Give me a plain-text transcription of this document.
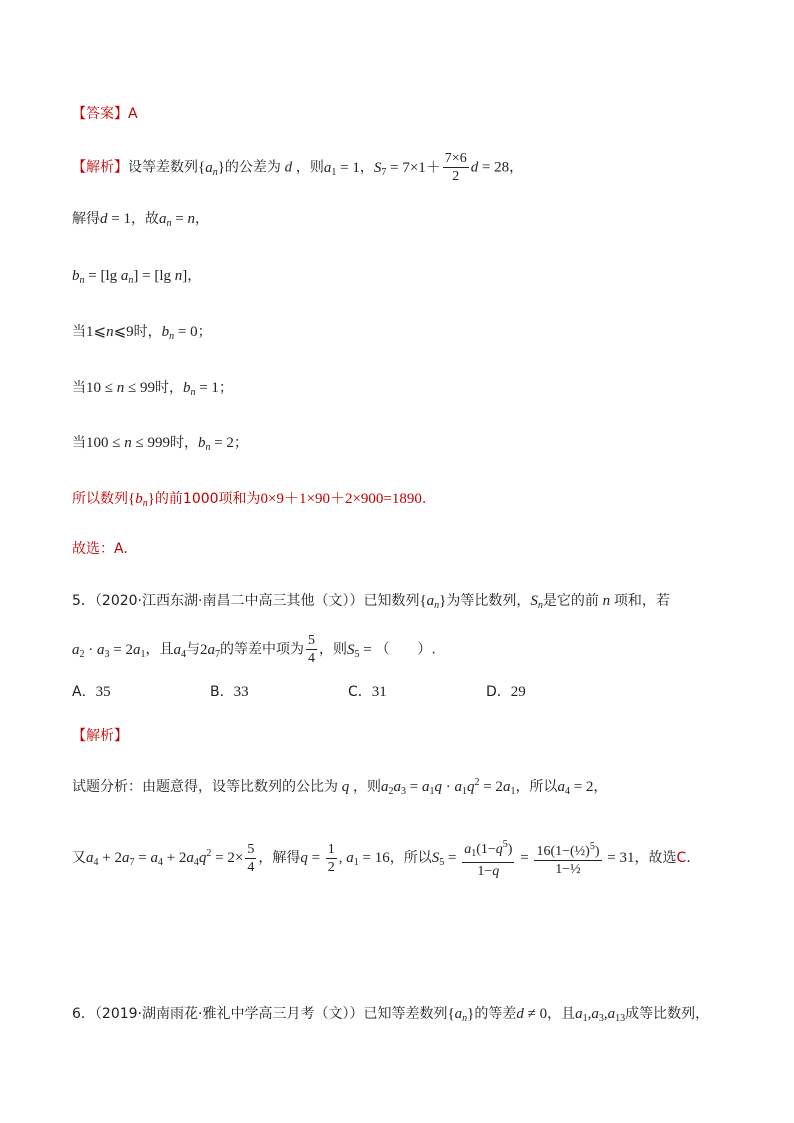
【答案】A
【解析】设等差数列$\{a_n\}$的公差为 d ，则$a_1 = 1$，$S_7 = 7\times 1+ \frac{7\times 6}{2}$ d = 28，
解得d = 1，故$a_n = n$，
$b_n = [\lg$ $a_n] = [\lg$ n]，
当1⩽n⩽9时，$b_n = 0$；
当10 ≤ n ≤ 99时，$b_n = 1$；
当100 ≤ n ≤ 999时，$b_n = 2$；
所以数列$\{b_n\}$的前1000项和为0×9＋1×90＋2×900=1890.
故选：A.
5．（2020·江西东湖·南昌二中高三其他（文））已知数列$\{a_n\}$为等比数列，$S_n$是它的前 n 项和，若
$a_2 \cdot a_3 = 2a_1$，且$a_4$与$2a_7$的等差中项为 $\frac{5}{4}$ ，则$S_5$ = （　　）.
A．35	B．33	C．31	D．29
【解析】
试题分析：由题意得，设等比数列的公比为 q ，则$a_2a_3 = a_1q \cdot a_1q^2 = 2a_1$，所以$a_4 = 2$，
又$a_4 + 2a_7 = a_4 + 2a_4q^2 = 2\times \frac{5}{4}$ ，解得$q = \frac{1}{2}$ , $a_1 = 16$，所以$S_5 = \frac{a_1(1-q^5)}{1-q} = \frac{16(1-(\frac{1}{2})^5)}{\text{1−½}} = 31$，故选C.
6．（2019·湖南雨花·雅礼中学高三月考（文））已知等差数列$\{a_n\}$的等差d ≠ 0，且$a_1,a_3,a_{13}$成等比数列，
